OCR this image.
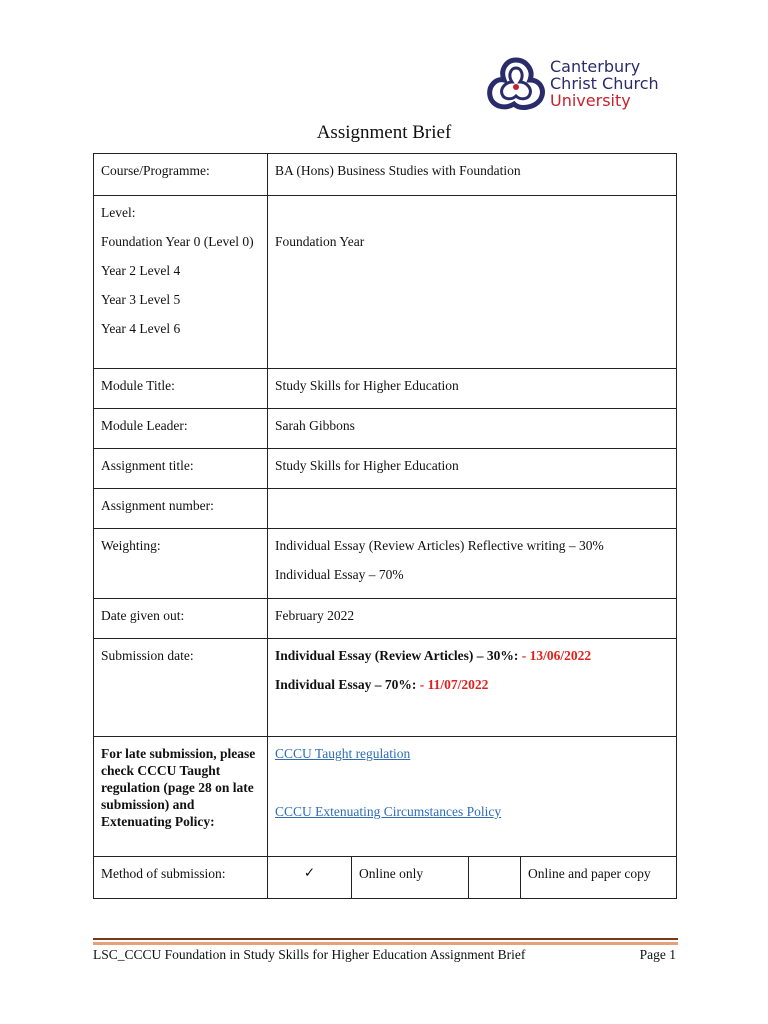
Canterbury
Christ Church
University
Assignment Brief
Course/Programme:	BA (Hons) Business Studies with Foundation			

Level:
Foundation Year 0 (Level 0)
Year 2 Level 4
Year 3 Level 5
Year 4 Level 6	Foundation Year			
Module Title:	Study Skills for Higher Education			
Module Leader:	Sarah Gibbons			
Assignment title:	Study Skills for Higher Education			
Assignment number:				
Weighting:	Individual Essay (Review Articles) Reflective writing – 30%
Individual Essay – 70%			

Date given out:	February 2022			
Submission date:	Individual Essay (Review Articles) – 30%: - 13/06/2022
Individual Essay – 70%: - 11/07/2022			

For late submission, please check CCCU Taught regulation (page 28 on late submission) and Extenuating Policy:	CCCU Taught regulation
CCCU Extenuating Circumstances Policy			

Method of submission:	✓	Online only		Online and paper copy
LSC_CCCU Foundation in Study Skills for Higher Education Assignment Brief	Page 1
